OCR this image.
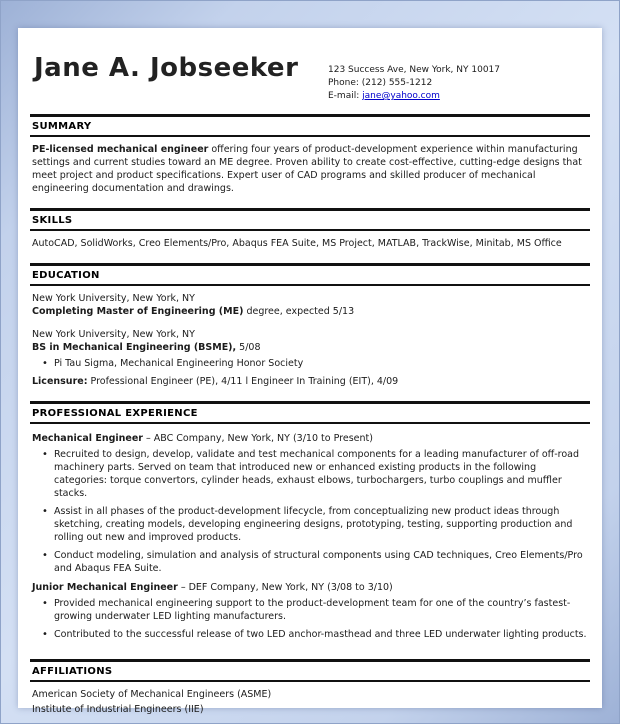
Jane A. Jobseeker	123 Success Ave, New York, NY 10017
Phone: (212) 555-1212
E-mail: jane@yahoo.com
SUMMARY

PE-licensed mechanical engineer offering four years of product-development experience within manufacturing settings and current studies toward an ME degree. Proven ability to create cost-effective, cutting-edge designs that meet project and product specifications. Expert user of CAD programs and skilled producer of mechanical engineering documentation and drawings.

SKILLS

AutoCAD, SolidWorks, Creo Elements/Pro, Abaqus FEA Suite, MS Project, MATLAB, TrackWise, Minitab, MS Office

EDUCATION

New York University, New York, NY

Completing Master of Engineering (ME) degree, expected 5/13

New York University, New York, NY

BS in Mechanical Engineering (BSME), 5/08

• Pi Tau Sigma, Mechanical Engineering Honor Society

Licensure: Professional Engineer (PE), 4/11 l Engineer In Training (EIT), 4/09

PROFESSIONAL EXPERIENCE

Mechanical Engineer – ABC Company, New York, NY (3/10 to Present)

• Recruited to design, develop, validate and test mechanical components for a leading manufacturer of off-road machinery parts. Served on team that introduced new or enhanced existing products in the following categories: torque convertors, cylinder heads, exhaust elbows, turbochargers, turbo couplings and muffler stacks.
• Assist in all phases of the product-development lifecycle, from conceptualizing new product ideas through sketching, creating models, developing engineering designs, prototyping, testing, supporting production and rolling out new and improved products.
• Conduct modeling, simulation and analysis of structural components using CAD techniques, Creo Elements/Pro and Abaqus FEA Suite.

Junior Mechanical Engineer – DEF Company, New York, NY (3/08 to 3/10)

• Provided mechanical engineering support to the product-development team for one of the country’s fastest-growing underwater LED lighting manufacturers.
• Contributed to the successful release of two LED anchor-masthead and three LED underwater lighting products.
AFFILIATIONS

American Society of Mechanical Engineers (ASME)

Institute of Industrial Engineers (IIE)
